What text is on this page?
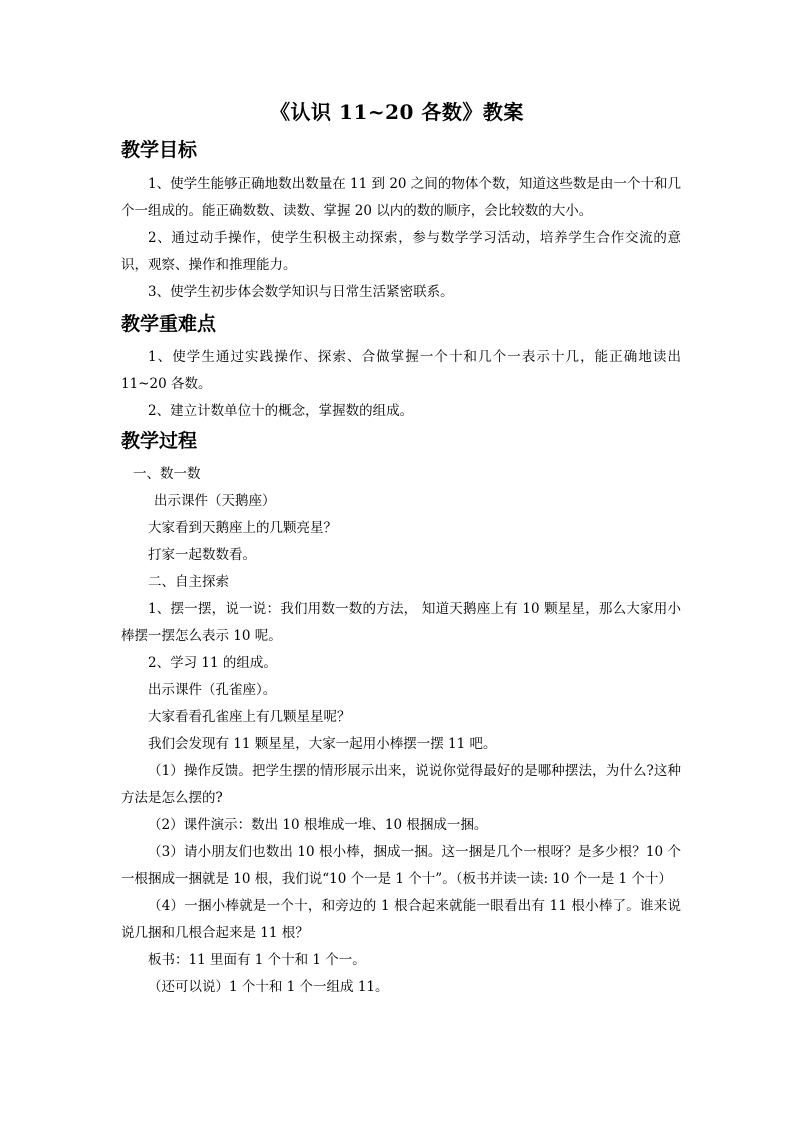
《认识 11~20 各数》教案
教学目标
1、使学生能够正确地数出数量在 11 到 20 之间的物体个数，知道这些数是由一个十和几个一组成的。能正确数数、读数、掌握 20 以内的数的顺序，会比较数的大小。
2、通过动手操作，使学生积极主动探索，参与数学学习活动，培养学生合作交流的意识，观察、操作和推理能力。
3、使学生初步体会数学知识与日常生活紧密联系。
教学重难点
1、使学生通过实践操作、探索、合做掌握一个十和几个一表示十几，能正确地读出 11~20 各数。
2、建立计数单位十的概念，掌握数的组成。
教学过程
一、数一数
出示课件（天鹅座）
大家看到天鹅座上的几颗亮星？
打家一起数数看。
二、自主探索
1、摆一摆，说一说：我们用数一数的方法， 知道天鹅座上有 10 颗星星，那么大家用小棒摆一摆怎么表示 10 呢。
2、学习 11 的组成。
出示课件（孔雀座）。
大家看看孔雀座上有几颗星星呢？
我们会发现有 11 颗星星，大家一起用小棒摆一摆 11 吧。
（1）操作反馈。把学生摆的情形展示出来，说说你觉得最好的是哪种摆法，为什么?这种方法是怎么摆的?
（2）课件演示：数出 10 根堆成一堆、10 根捆成一捆。
（3）请小朋友们也数出 10 根小棒，捆成一捆。这一捆是几个一根呀？是多少根？10 个一根捆成一捆就是 10 根，我们说“10 个一是 1 个十”。（板书并读一读: 10 个一是 1 个十）
（4）一捆小棒就是一个十，和旁边的 1 根合起来就能一眼看出有 11 根小棒了。谁来说说几捆和几根合起来是 11 根？
板书：11 里面有 1 个十和 1 个一。
（还可以说）1 个十和 1 个一组成 11。
